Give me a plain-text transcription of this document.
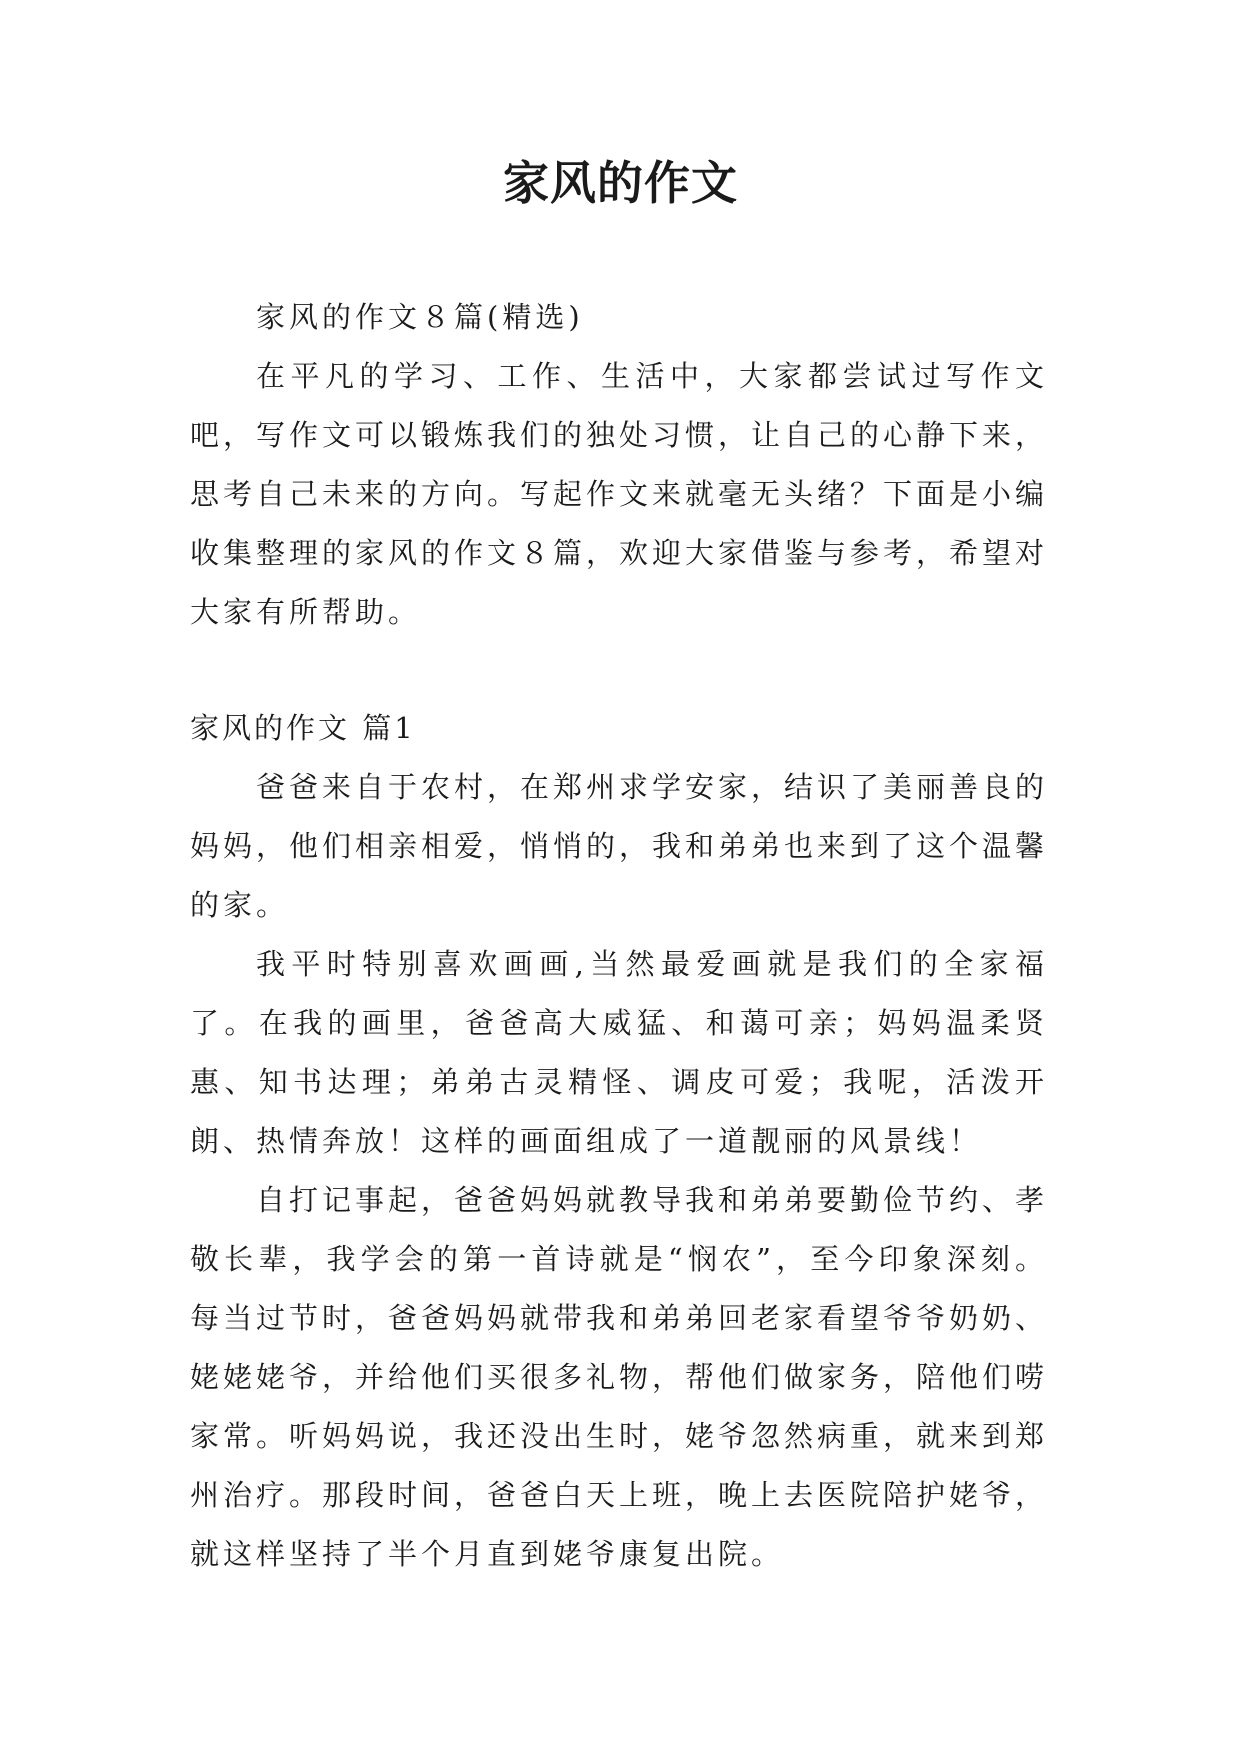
家风的作文

家风的作文８篇(精选)

在平凡的学习、工作、生活中，大家都尝试过写作文吧，写作文可以锻炼我们的独处习惯，让自己的心静下来，思考自己未来的方向。写起作文来就毫无头绪？下面是小编收集整理的家风的作文８篇，欢迎大家借鉴与参考，希望对大家有所帮助。

家风的作文 篇1

爸爸来自于农村，在郑州求学安家，结识了美丽善良的妈妈，他们相亲相爱，悄悄的，我和弟弟也来到了这个温馨的家。

我平时特别喜欢画画,当然最爱画就是我们的全家福了。在我的画里，爸爸高大威猛、和蔼可亲；妈妈温柔贤惠、知书达理；弟弟古灵精怪、调皮可爱；我呢，活泼开朗、热情奔放！这样的画面组成了一道靓丽的风景线！

自打记事起，爸爸妈妈就教导我和弟弟要勤俭节约、孝敬长辈，我学会的第一首诗就是“悯农”，至今印象深刻。每当过节时，爸爸妈妈就带我和弟弟回老家看望爷爷奶奶、姥姥姥爷，并给他们买很多礼物，帮他们做家务，陪他们唠家常。听妈妈说，我还没出生时，姥爷忽然病重，就来到郑州治疗。那段时间，爸爸白天上班，晚上去医院陪护姥爷，就这样坚持了半个月直到姥爷康复出院。
